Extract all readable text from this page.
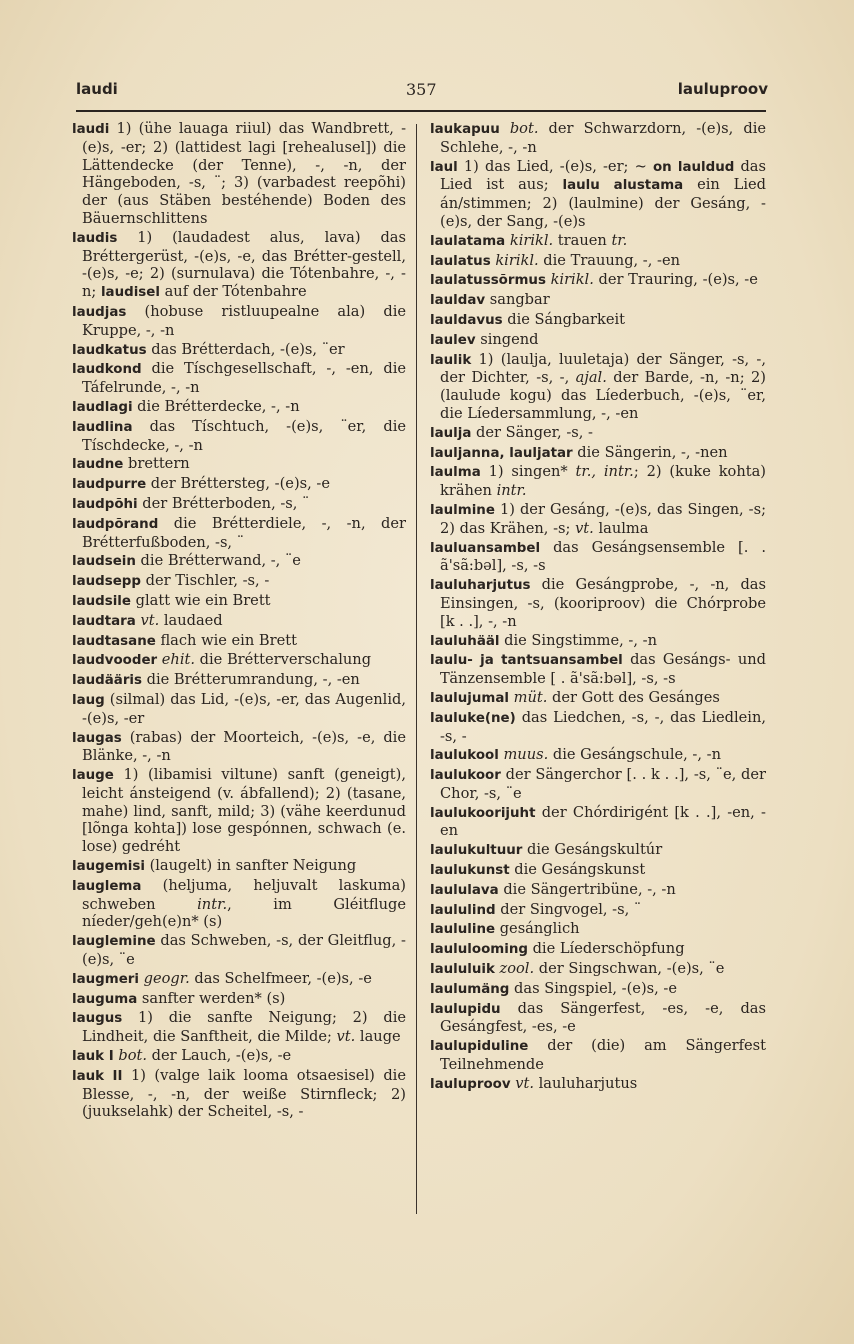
laudi	357	lauluproov

laudi 1) (ühe lauaga riiul) das Wandbrett, -(e)s, -er; 2) (lattidest lagi [rehealusel]) die Lättendecke (der Tenne), -, -n, der Hängeboden, -s, ¨; 3) (varbadest reepõhi) der (aus Stäben bestéhende) Boden des Bäuernschlittens

laudis 1) (laudadest alus, lava) das Bréttergerüst, -(e)s, -e, das Brétter-gestell, -(e)s, -e; 2) (surnulava) die Tótenbahre, -, -n; laudisel auf der Tótenbahre

laudjas (hobuse ristluupealne ala) die Kruppe, -, -n

laudkatus das Brétterdach, -(e)s, ¨er

laudkond die Tíschgesellschaft, -, -en, die Táfelrunde, -, -n

laudlagi die Brétterdecke, -, -n

laudlina das Tíschtuch, -(e)s, ¨er, die Tíschdecke, -, -n

laudne brettern

laudpurre der Bréttersteg, -(e)s, -e

laudpõhi der Brétterboden, -s, ¨

laudpõrand die Brétterdiele, -, -n, der Brétterfußboden, -s, ¨

laudsein die Brétterwand, -, ¨e

laudsepp der Tischler, -s, -

laudsile glatt wie ein Brett

laudtara vt. laudaed

laudtasane flach wie ein Brett

laudvooder ehit. die Brétterverschalung

laudääris die Brétterumrandung, -, -en

laug (silmal) das Lid, -(e)s, -er, das Augenlid, -(e)s, -er

laugas (rabas) der Moorteich, -(e)s, -e, die Blänke, -, -n

lauge 1) (libamisi viltune) sanft (geneigt), leicht ánsteigend (v. ábfallend); 2) (tasane, mahe) lind, sanft, mild; 3) (vähe keerdunud [lõnga kohta]) lose gespónnen, schwach (e. lose) gedréht

laugemisi (laugelt) in sanfter Neigung

lauglema (heljuma, heljuvalt laskuma) schweben intr., im Gléitfluge níeder/geh(e)n* (s)

lauglemine das Schweben, -s, der Gleitflug, -(e)s, ¨e

laugmeri geogr. das Schelfmeer, -(e)s, -e

lauguma sanfter werden* (s)

laugus 1) die sanfte Neigung; 2) die Lindheit, die Sanftheit, die Milde; vt. lauge

lauk I bot. der Lauch, -(e)s, -e

lauk II 1) (valge laik looma otsaesisel) die Blesse, -, -n, der weiße Stirnfleck; 2) (juukselahk) der Scheitel, -s, -

laukapuu bot. der Schwarzdorn, -(e)s, die Schlehe, -, -n

laul 1) das Lied, -(e)s, -er; ~ on lauldud das Lied ist aus; laulu alustama ein Lied án/stimmen; 2) (laulmine) der Gesáng, -(e)s, der Sang, -(e)s

laulatama kirikl. trauen tr.

laulatus kirikl. die Trauung, -, -en

laulatussõrmus kirikl. der Trauring, -(e)s, -e

lauldav sangbar

lauldavus die Sángbarkeit

laulev singend

laulik 1) (laulja, luuletaja) der Sänger, -s, -, der Dichter, -s, -, ajal. der Barde, -n, -n; 2) (laulude kogu) das Líederbuch, -(e)s, ¨er, die Líedersammlung, -, -en

laulja der Sänger, -s, -

lauljanna, lauljatar die Sängerin, -, -nen

laulma 1) singen* tr., intr.; 2) (kuke kohta) krähen intr.

laulmine 1) der Gesáng, -(e)s, das Singen, -s; 2) das Krähen, -s; vt. laulma

lauluansambel das Gesángsensemble [. . ã'sã:bəl], -s, -s

lauluharjutus die Gesángprobe, -, -n, das Einsingen, -s, (kooriproov) die Chórprobe [k . .], -, -n

lauluhääl die Singstimme, -, -n

laulu- ja tantsuansambel das Gesángs- und Tänzensemble [ . ã'sã:bəl], -s, -s

laulujumal müt. der Gott des Gesánges

lauluke(ne) das Liedchen, -s, -, das Liedlein, -s, -

laulukool muus. die Gesángschule, -, -n

laulukoor der Sängerchor [. . k . .], -s, ¨e, der Chor, -s, ¨e

laulukoorijuht der Chórdirigént [k . .], -en, -en

laulukultuur die Gesángskultúr

laulukunst die Gesángskunst

laululava die Sängertribüne, -, -n

laululind der Singvogel, -s, ¨

laululine gesánglich

laululooming die Líederschöpfung

laululuik zool. der Singschwan, -(e)s, ¨e

laulumäng das Singspiel, -(e)s, -e

laulupidu das Sängerfest, -es, -e, das Gesángfest, -es, -e

laulupiduline der (die) am Sängerfest Teilnehmende

lauluproov vt. lauluharjutus
